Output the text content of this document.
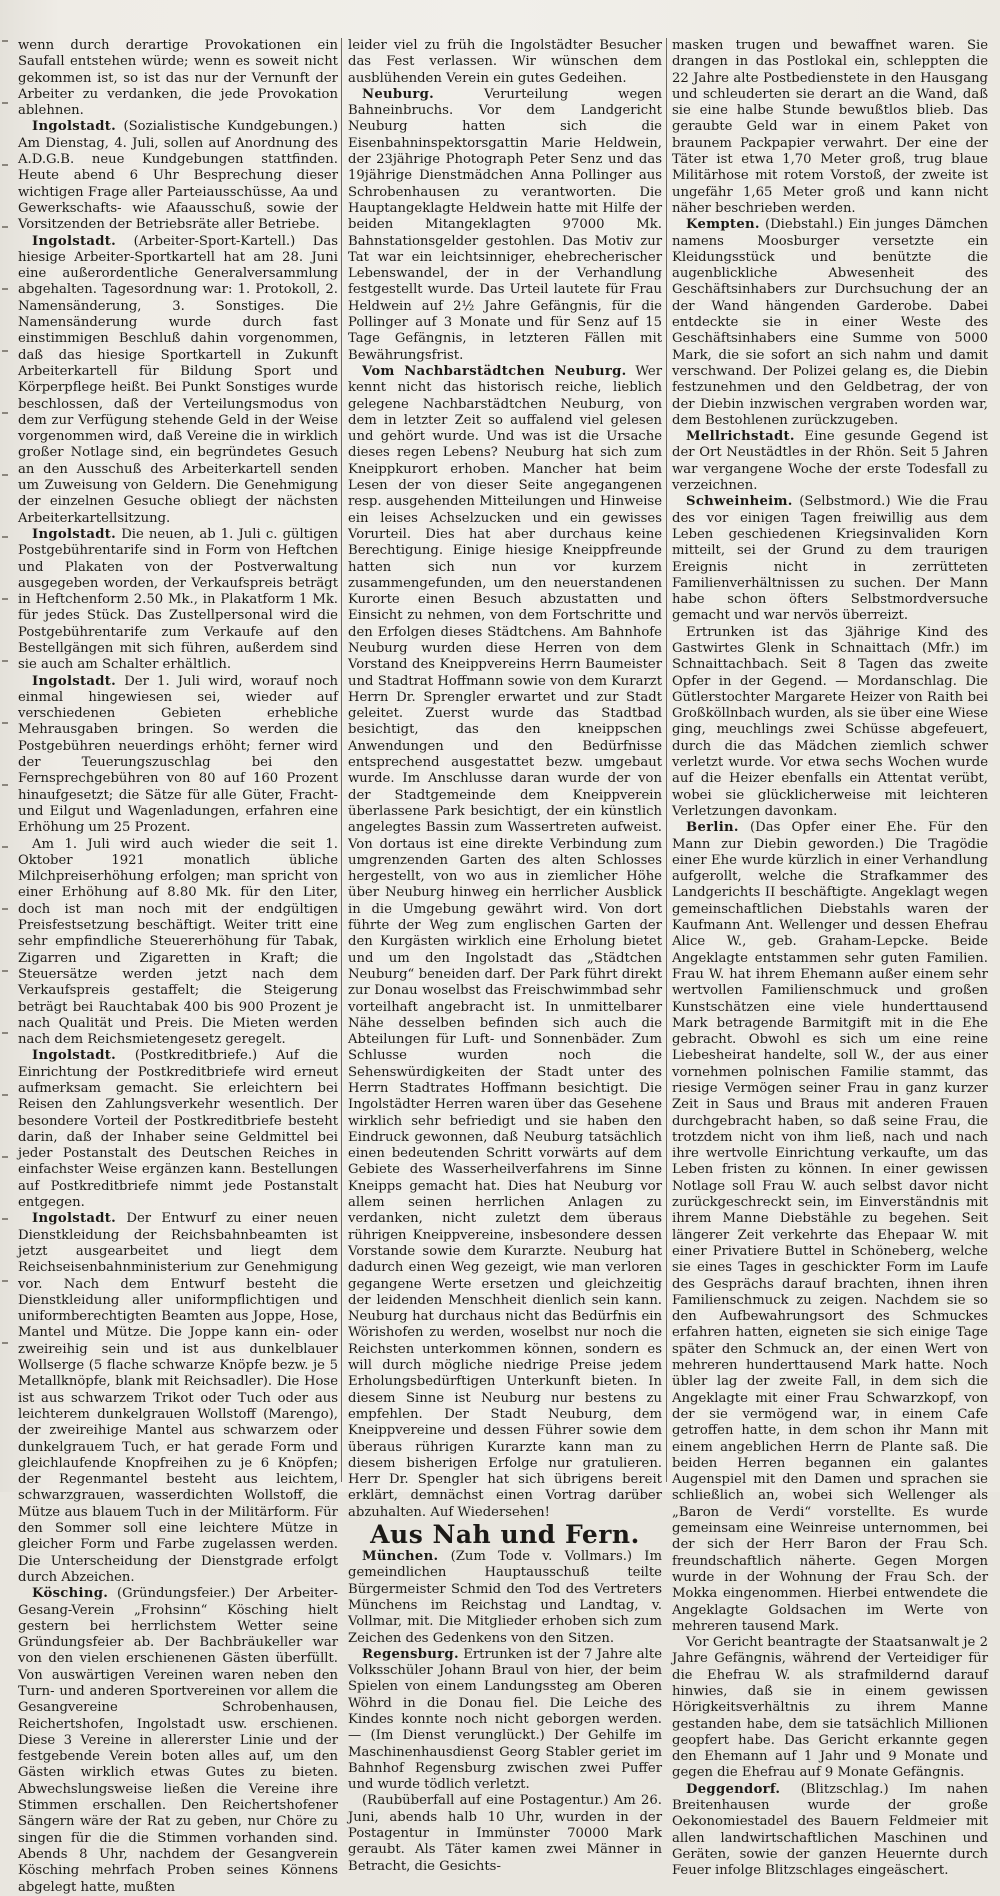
wenn durch derartige Provokationen ein Saufall entstehen würde; wenn es soweit nicht gekommen ist, so ist das nur der Vernunft der Arbeiter zu verdanken, die jede Provokation ablehnen.

Ingolstadt. (Sozialistische Kundgebungen.) Am Dienstag, 4. Juli, sollen auf Anordnung des A.D.G.B. neue Kundgebungen stattfinden. Heute abend 6 Uhr Besprechung dieser wichtigen Frage aller Parteiausschüsse, Aa und Gewerkschafts- wie Afaausschuß, sowie der Vorsitzenden der Betriebsräte aller Betriebe.

Ingolstadt. (Arbeiter-Sport-Kartell.) Das hiesige Arbeiter-Sportkartell hat am 28. Juni eine außerordentliche Generalversammlung abgehalten. Tagesordnung war: 1. Protokoll, 2. Namensänderung, 3. Sonstiges. Die Namensänderung wurde durch fast einstimmigen Beschluß dahin vorgenommen, daß das hiesige Sportkartell in Zukunft Arbeiterkartell für Bildung Sport und Körperpflege heißt. Bei Punkt Sonstiges wurde beschlossen, daß der Verteilungsmodus von dem zur Verfügung stehende Geld in der Weise vorgenommen wird, daß Vereine die in wirklich großer Notlage sind, ein begründetes Gesuch an den Ausschuß des Arbeiterkartell senden um Zuweisung von Geldern. Die Genehmigung der einzelnen Gesuche obliegt der nächsten Arbeiterkartellsitzung.

Ingolstadt. Die neuen, ab 1. Juli c. gültigen Postgebührentarife sind in Form von Heftchen und Plakaten von der Postverwaltung ausgegeben worden, der Verkaufspreis beträgt in Heftchenform 2.50 Mk., in Plakatform 1 Mk. für jedes Stück. Das Zustellpersonal wird die Postgebührentarife zum Verkaufe auf den Bestellgängen mit sich führen, außerdem sind sie auch am Schalter erhältlich.

Ingolstadt. Der 1. Juli wird, worauf noch einmal hingewiesen sei, wieder auf verschiedenen Gebieten erhebliche Mehrausgaben bringen. So werden die Postgebühren neuerdings erhöht; ferner wird der Teuerungszuschlag bei den Fernsprechgebühren von 80 auf 160 Prozent hinaufgesetzt; die Sätze für alle Güter, Fracht- und Eilgut und Wagenladungen, erfahren eine Erhöhung um 25 Prozent.

Am 1. Juli wird auch wieder die seit 1. Oktober 1921 monatlich übliche Milchpreiserhöhung erfolgen; man spricht von einer Erhöhung auf 8.80 Mk. für den Liter, doch ist man noch mit der endgültigen Preisfestsetzung beschäftigt. Weiter tritt eine sehr empfindliche Steuererhöhung für Tabak, Zigarren und Zigaretten in Kraft; die Steuersätze werden jetzt nach dem Verkaufspreis gestaffelt; die Steigerung beträgt bei Rauchtabak 400 bis 900 Prozent je nach Qualität und Preis. Die Mieten werden nach dem Reichsmietengesetz geregelt.

Ingolstadt. (Postkreditbriefe.) Auf die Einrichtung der Postkreditbriefe wird erneut aufmerksam gemacht. Sie erleichtern bei Reisen den Zahlungsverkehr wesentlich. Der besondere Vorteil der Postkreditbriefe besteht darin, daß der Inhaber seine Geldmittel bei jeder Postanstalt des Deutschen Reiches in einfachster Weise ergänzen kann. Bestellungen auf Postkreditbriefe nimmt jede Postanstalt entgegen.

Ingolstadt. Der Entwurf zu einer neuen Dienstkleidung der Reichsbahnbeamten ist jetzt ausgearbeitet und liegt dem Reichseisenbahnministerium zur Genehmigung vor. Nach dem Entwurf besteht die Dienstkleidung aller uniformpflichtigen und uniformberechtigten Beamten aus Joppe, Hose, Mantel und Mütze. Die Joppe kann ein- oder zweireihig sein und ist aus dunkelblauer Wollserge (5 flache schwarze Knöpfe bezw. je 5 Metallknöpfe, blank mit Reichsadler). Die Hose ist aus schwarzem Trikot oder Tuch oder aus leichterem dunkelgrauen Wollstoff (Marengo), der zweireihige Mantel aus schwarzem oder dunkelgrauem Tuch, er hat gerade Form und gleichlaufende Knopfreihen zu je 6 Knöpfen; der Regenmantel besteht aus leichtem, schwarzgrauen, wasserdichten Wollstoff, die Mütze aus blauem Tuch in der Militärform. Für den Sommer soll eine leichtere Mütze in gleicher Form und Farbe zugelassen werden. Die Unterscheidung der Dienstgrade erfolgt durch Abzeichen.

Kösching. (Gründungsfeier.) Der Arbeiter-Gesang-Verein „Frohsinn“ Kösching hielt gestern bei herrlichstem Wetter seine Gründungsfeier ab. Der Bachbräukeller war von den vielen erschienenen Gästen überfüllt. Von auswärtigen Vereinen waren neben den Turn- und anderen Sportvereinen vor allem die Gesangvereine Schrobenhausen, Reichertshofen, Ingolstadt usw. erschienen. Diese 3 Vereine in allererster Linie und der festgebende Verein boten alles auf, um den Gästen wirklich etwas Gutes zu bieten. Abwechslungsweise ließen die Vereine ihre Stimmen erschallen. Den Reichertshofener Sängern wäre der Rat zu geben, nur Chöre zu singen für die die Stimmen vorhanden sind. Abends 8 Uhr, nachdem der Gesangverein Kösching mehrfach Proben seines Könnens abgelegt hatte, mußten

leider viel zu früh die Ingolstädter Besucher das Fest verlassen. Wir wünschen dem ausblühenden Verein ein gutes Gedeihen.

Neuburg.	Verurteilung wegen Bahneinbruchs. Vor dem Landgericht Neuburg hatten sich die Eisenbahninspektorsgattin Marie Heldwein, der 23jährige Photograph Peter Senz und das 19jährige Dienstmädchen Anna Pollinger aus Schrobenhausen zu verantworten. Die Hauptangeklagte Heldwein hatte mit Hilfe der beiden Mitangeklagten 97000 Mk. Bahnstationsgelder gestohlen. Das Motiv zur Tat war ein leichtsinniger, ehebrecherischer Lebenswandel, der in der Verhandlung festgestellt wurde. Das Urteil lautete für Frau Heldwein auf 2½ Jahre Gefängnis, für die Pollinger auf 3 Monate und für Senz auf 15 Tage Gefängnis, in letzteren Fällen mit Bewährungsfrist.

Vom Nachbarstädtchen Neuburg. Wer kennt nicht das historisch reiche, lieblich gelegene Nachbarstädtchen Neuburg, von dem in letzter Zeit so auffalend viel gelesen und gehört wurde. Und was ist die Ursache dieses regen Lebens? Neuburg hat sich zum Kneippkurort erhoben. Mancher hat beim Lesen der von dieser Seite angegangenen resp. ausgehenden Mitteilungen und Hinweise ein leises Achselzucken und ein gewisses Vorurteil. Dies hat aber durchaus keine Berechtigung. Einige hiesige Kneippfreunde hatten sich nun vor kurzem zusammengefunden, um den neuerstandenen Kurorte einen Besuch abzustatten und Einsicht zu nehmen, von dem Fortschritte und den Erfolgen dieses Städtchens. Am Bahnhofe Neuburg wurden diese Herren von dem Vorstand des Kneippvereins Herrn Baumeister und Stadtrat Hoffmann sowie von dem Kurarzt Herrn Dr. Sprengler erwartet und zur Stadt geleitet. Zuerst wurde das Stadtbad besichtigt, das den kneippschen Anwendungen und den Bedürfnisse entsprechend ausgestattet bezw. umgebaut wurde. Im Anschlusse daran wurde der von der Stadtgemeinde dem Kneippverein überlassene Park besichtigt, der ein künstlich angelegtes Bassin zum Wassertreten aufweist. Von dortaus ist eine direkte Verbindung zum umgrenzenden Garten des alten Schlosses hergestellt, von wo aus in ziemlicher Höhe über Neuburg hinweg ein herrlicher Ausblick in die Umgebung gewährt wird. Von dort führte der Weg zum englischen Garten der den Kurgästen wirklich eine Erholung bietet und um den Ingolstadt das „Städtchen Neuburg“ beneiden darf. Der Park führt direkt zur Donau woselbst das Freischwimmbad sehr vorteilhaft angebracht ist. In unmittelbarer Nähe desselben befinden sich auch die Abteilungen für Luft- und Sonnenbäder. Zum Schlusse wurden noch die Sehenswürdigkeiten der Stadt unter des Herrn Stadtrates Hoffmann besichtigt. Die Ingolstädter Herren waren über das Gesehene wirklich sehr befriedigt und sie haben den Eindruck gewonnen, daß Neuburg tatsächlich einen bedeutenden Schritt vorwärts auf dem Gebiete des Wasserheilverfahrens im Sinne Kneipps gemacht hat. Dies hat Neuburg vor allem seinen herrlichen Anlagen zu verdanken, nicht zuletzt dem überaus rührigen Kneippvereine, insbesondere dessen Vorstande sowie dem Kurarzte. Neuburg hat dadurch einen Weg gezeigt, wie man verloren gegangene Werte ersetzen und gleichzeitig der leidenden Menschheit dienlich sein kann. Neuburg hat durchaus nicht das Bedürfnis ein Wörishofen zu werden, woselbst nur noch die Reichsten unterkommen können, sondern es will durch mögliche niedrige Preise jedem Erholungsbedürftigen Unterkunft bieten. In diesem Sinne ist Neuburg nur bestens zu empfehlen. Der Stadt Neuburg, dem Kneippvereine und dessen Führer sowie dem überaus rührigen Kurarzte kann man zu diesem bisherigen Erfolge nur gratulieren. Herr Dr. Spengler hat sich übrigens bereit erklärt, demnächst einen Vortrag darüber abzuhalten. Auf Wiedersehen!

Aus Nah und Fern.

München. (Zum Tode v. Vollmars.) Im gemeindlichen Hauptausschuß teilte Bürgermeister Schmid den Tod des Vertreters Münchens im Reichstag und Landtag, v. Vollmar, mit. Die Mitglieder erhoben sich zum Zeichen des Gedenkens von den Sitzen.

Regensburg. Ertrunken ist der 7 Jahre alte Volksschüler Johann Braul von hier, der beim Spielen von einem Landungssteg am Oberen Wöhrd in die Donau fiel. Die Leiche des Kindes konnte noch nicht geborgen werden. — (Im Dienst verunglückt.) Der Gehilfe im Maschinenhausdienst Georg Stabler geriet im Bahnhof Regensburg zwischen zwei Puffer und wurde tödlich verletzt.

(Raubüberfall auf eine Postagentur.) Am 26. Juni, abends halb 10 Uhr, wurden in der Postagentur in Immünster 70000 Mark geraubt. Als Täter kamen zwei Männer in Betracht, die Gesichts-

masken trugen und bewaffnet waren. Sie drangen in das Postlokal ein, schleppten die 22 Jahre alte Postbedienstete in den Hausgang und schleuderten sie derart an die Wand, daß sie eine halbe Stunde bewußtlos blieb. Das geraubte Geld war in einem Paket von braunem Packpapier verwahrt. Der eine der Täter ist etwa 1,70 Meter groß, trug blaue Militärhose mit rotem Vorstoß, der zweite ist ungefähr 1,65 Meter groß und kann nicht näher beschrieben werden.

Kempten. (Diebstahl.) Ein junges Dämchen namens Moosburger versetzte ein Kleidungsstück und benützte die augenblickliche Abwesenheit des Geschäftsinhabers zur Durchsuchung der an der Wand hängenden Garderobe. Dabei entdeckte sie in einer Weste des Geschäftsinhabers eine Summe von 5000 Mark, die sie sofort an sich nahm und damit verschwand. Der Polizei gelang es, die Diebin festzunehmen und den Geldbetrag, der von der Diebin inzwischen vergraben worden war, dem Bestohlenen zurückzugeben.

Mellrichstadt. Eine gesunde Gegend ist der Ort Neustädtles in der Rhön. Seit 5 Jahren war vergangene Woche der erste Todesfall zu verzeichnen.

Schweinheim. (Selbstmord.) Wie die Frau des vor einigen Tagen freiwillig aus dem Leben geschiedenen Kriegsinvaliden Korn mitteilt, sei der Grund zu dem traurigen Ereignis nicht in zerrütteten Familienverhältnissen zu suchen. Der Mann habe schon öfters Selbstmordversuche gemacht und war nervös überreizt.

Ertrunken ist das 3jährige Kind des Gastwirtes Glenk in Schnaittach (Mfr.) im Schnaittachbach. Seit 8 Tagen das zweite Opfer in der Gegend. — Mordanschlag. Die Gütlerstochter Margarete Heizer von Raith bei Großköllnbach wurden, als sie über eine Wiese ging, meuchlings zwei Schüsse abgefeuert, durch die das Mädchen ziemlich schwer verletzt wurde. Vor etwa sechs Wochen wurde auf die Heizer ebenfalls ein Attentat verübt, wobei sie glücklicherweise mit leichteren Verletzungen davonkam.

Berlin. (Das Opfer einer Ehe. Für den Mann zur Diebin geworden.) Die Tragödie einer Ehe wurde kürzlich in einer Verhandlung aufgerollt, welche die Strafkammer des Landgerichts II beschäftigte. Angeklagt wegen gemeinschaftlichen Diebstahls waren der Kaufmann Ant. Wellenger und dessen Ehefrau Alice W., geb. Graham-Lepcke. Beide Angeklagte entstammen sehr guten Familien. Frau W. hat ihrem Ehemann außer einem sehr wertvollen Familienschmuck und großen Kunstschätzen eine viele hunderttausend Mark betragende Barmitgift mit in die Ehe gebracht. Obwohl es sich um eine reine Liebesheirat handelte, soll W., der aus einer vornehmen polnischen Familie stammt, das riesige Vermögen seiner Frau in ganz kurzer Zeit in Saus und Braus mit anderen Frauen durchgebracht haben, so daß seine Frau, die trotzdem nicht von ihm ließ, nach und nach ihre wertvolle Einrichtung verkaufte, um das Leben fristen zu können. In einer gewissen Notlage soll Frau W. auch selbst davor nicht zurückgeschreckt sein, im Einverständnis mit ihrem Manne Diebstähle zu begehen. Seit längerer Zeit verkehrte das Ehepaar W. mit einer Privatiere Buttel in Schöneberg, welche sie eines Tages in geschickter Form im Laufe des Gesprächs darauf brachten, ihnen ihren Familienschmuck zu zeigen. Nachdem sie so den Aufbewahrungsort des Schmuckes erfahren hatten, eigneten sie sich einige Tage später den Schmuck an, der einen Wert von mehreren hunderttausend Mark hatte. Noch übler lag der zweite Fall, in dem sich die Angeklagte mit einer Frau Schwarzkopf, von der sie vermögend war, in einem Cafe getroffen hatte, in dem schon ihr Mann mit einem angeblichen Herrn de Plante saß. Die beiden Herren begannen ein galantes Augenspiel mit den Damen und sprachen sie schließlich an, wobei sich Wellenger als „Baron de Verdi“ vorstellte. Es wurde gemeinsam eine Weinreise unternommen, bei der sich der Herr Baron der Frau Sch. freundschaftlich näherte. Gegen Morgen wurde in der Wohnung der Frau Sch. der Mokka eingenommen. Hierbei entwendete die Angeklagte Goldsachen im Werte von mehreren tausend Mark.

Vor Gericht beantragte der Staatsanwalt je 2 Jahre Gefängnis, während der Verteidiger für die Ehefrau W. als strafmildernd darauf hinwies, daß sie in einem gewissen Hörigkeitsverhältnis zu ihrem Manne gestanden habe, dem sie tatsächlich Millionen geopfert habe. Das Gericht erkannte gegen den Ehemann auf 1 Jahr und 9 Monate und gegen die Ehefrau auf 9 Monate Gefängnis.

Deggendorf. (Blitzschlag.) Im nahen Breitenhausen wurde der große Oekonomiestadel des Bauern Feldmeier mit allen landwirtschaftlichen Maschinen und Geräten, sowie der ganzen Heuernte durch Feuer infolge Blitzschlages eingeäschert.
